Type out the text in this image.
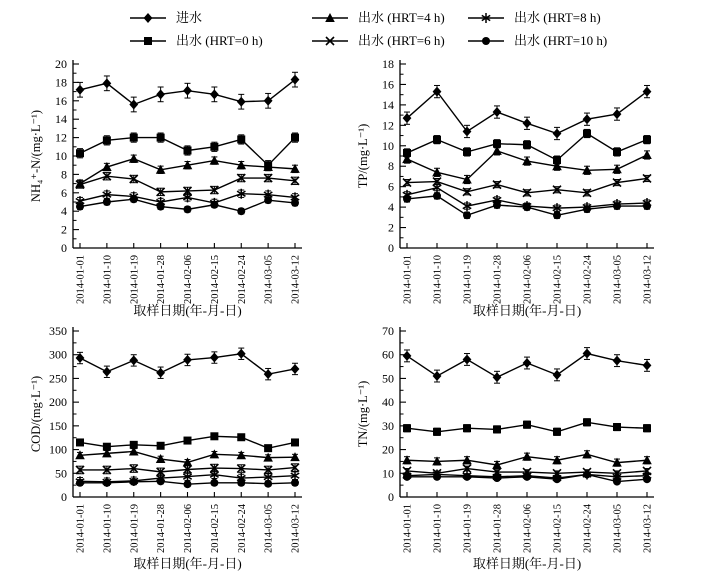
进水
出水 (HRT=0 h)
出水 (HRT=4 h)
出水 (HRT=6 h)
出水 (HRT=8 h)
出水 (HRT=10 h)
0
2
4
6
8
10
12
14
16
18
20
2014-01-01 2014-01-10 2014-01-19 2014-01-28 2014-02-06 2014-02-15 2014-02-24 2014-03-05 2014-03-12
NH₄⁺-N/(mg·L⁻¹)
取样日期(年-月-日)
0
2
4
6
8
10
12
14
16
18
2014-01-01 2014-01-10 2014-01-19 2014-01-28 2014-02-06 2014-02-15 2014-02-24 2014-03-05 2014-03-12
TP/(mg·L⁻¹)
取样日期(年-月-日)
0
50
100
150
200
250
300
350
2014-01-01 2014-01-10 2014-01-19 2014-01-28 2014-02-06 2014-02-15 2014-02-24 2014-03-05 2014-03-12
COD/(mg·L⁻¹)
取样日期(年-月-日)
0
10
20
30
40
50
60
70
2014-01-01 2014-01-10 2014-01-19 2014-01-28 2014-02-06 2014-02-15 2014-02-24 2014-03-05 2014-03-12
TN/(mg·L⁻¹)
取样日期(年-月-日)
